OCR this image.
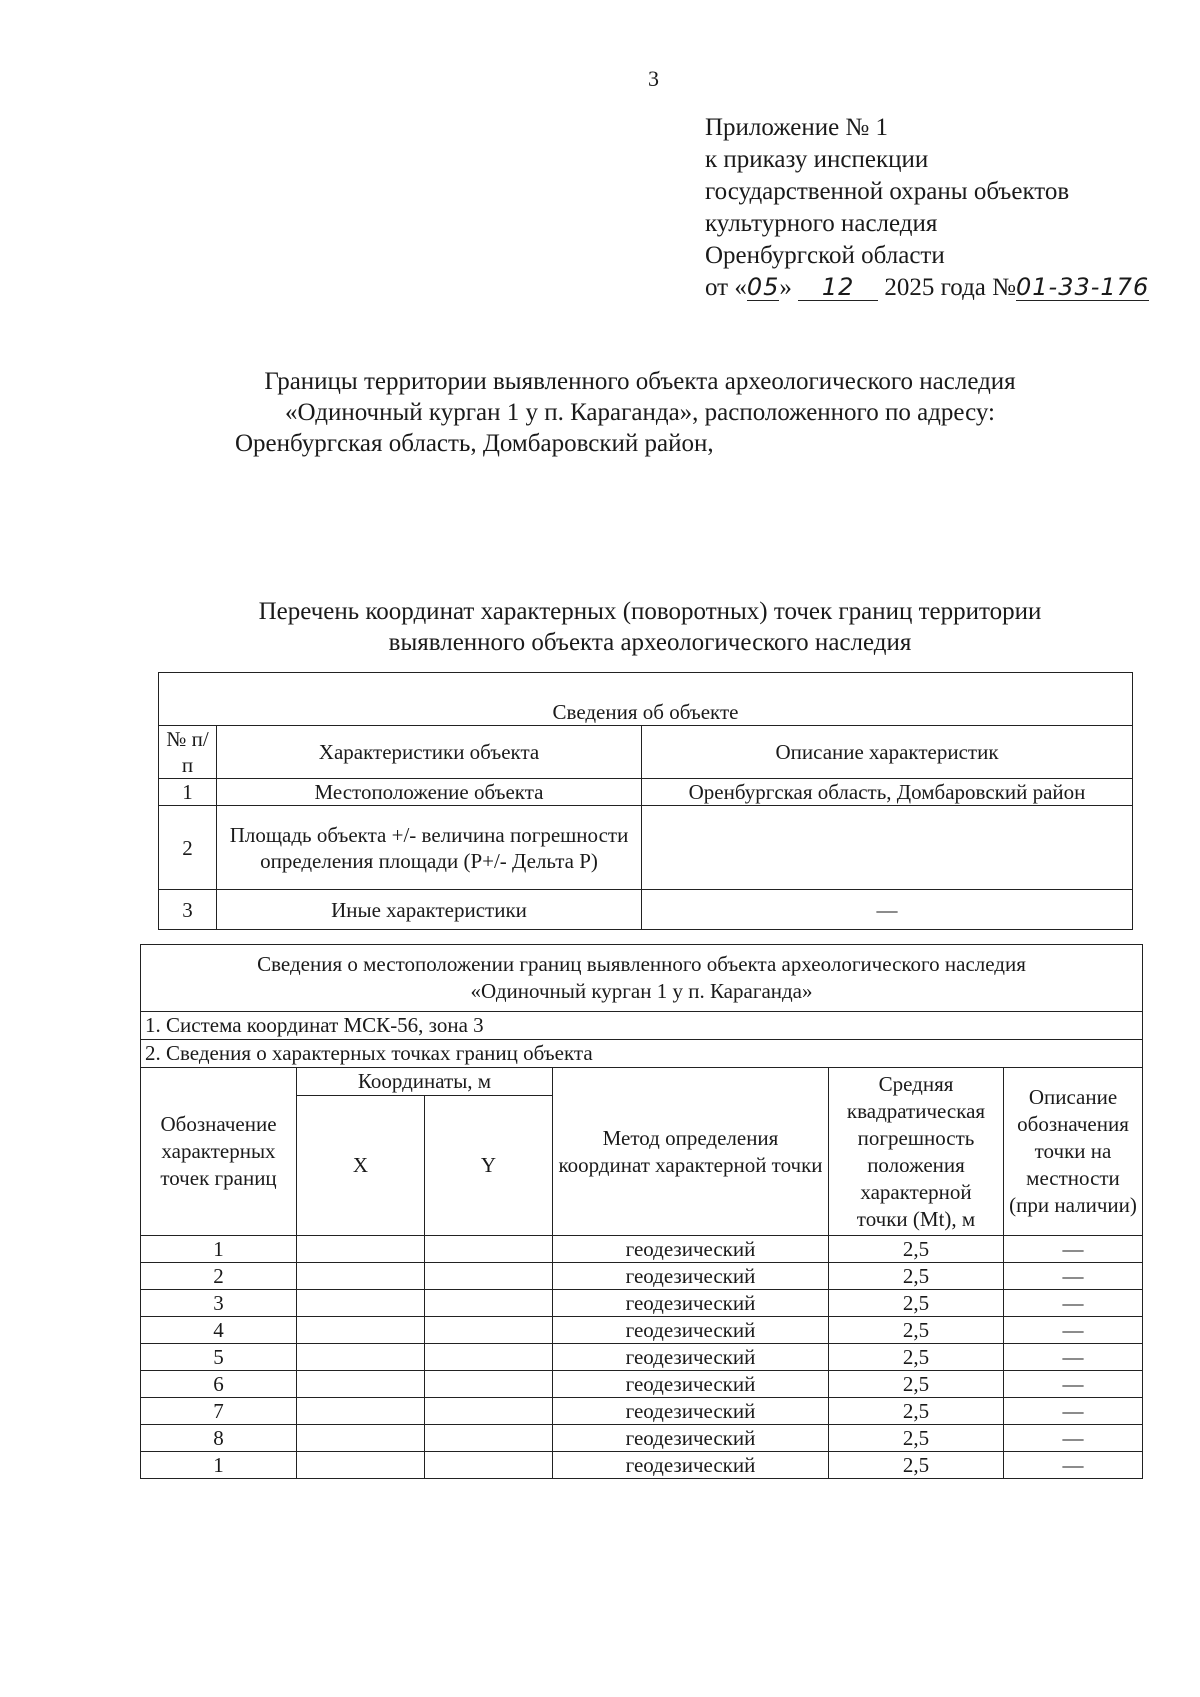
3
Приложение № 1
к приказу инспекции
государственной охраны объектов
культурного наследия
Оренбургской области
от «05» 12 2025 года №01-33-176
Границы территории выявленного объекта археологического наследия
«Одиночный курган 1 у п. Караганда», расположенного по адресу:
Оренбургская область, Домбаровский район,
Перечень координат характерных (поворотных) точек границ территории
выявленного объекта археологического наследия
Сведения об объекте		
№ п/п	Характеристики объекта	Описание характеристик
1	Местоположение объекта	Оренбургская область, Домбаровский район
2	Площадь объекта +/- величина погрешности определения площади (P+/- Дельта P)	
3	Иные характеристики	—
Сведения о местоположении границ выявленного объекта археологического наследия
«Одиночный курган 1 у п. Караганда»					

1. Система координат МСК-56, зона 3					
2. Сведения о характерных точках границ объекта					
Обозначение характерных точек границ	Координаты, м		Метод определения координат характерной точки	Средняя квадратическая погрешность положения характерной точки (Mt), м	Описание обозначения точки на местности (при наличии)
	X	Y			
1			геодезический	2,5	—
2			геодезический	2,5	—
3			геодезический	2,5	—
4			геодезический	2,5	—
5			геодезический	2,5	—
6			геодезический	2,5	—
7			геодезический	2,5	—
8			геодезический	2,5	—
1			геодезический	2,5	—
